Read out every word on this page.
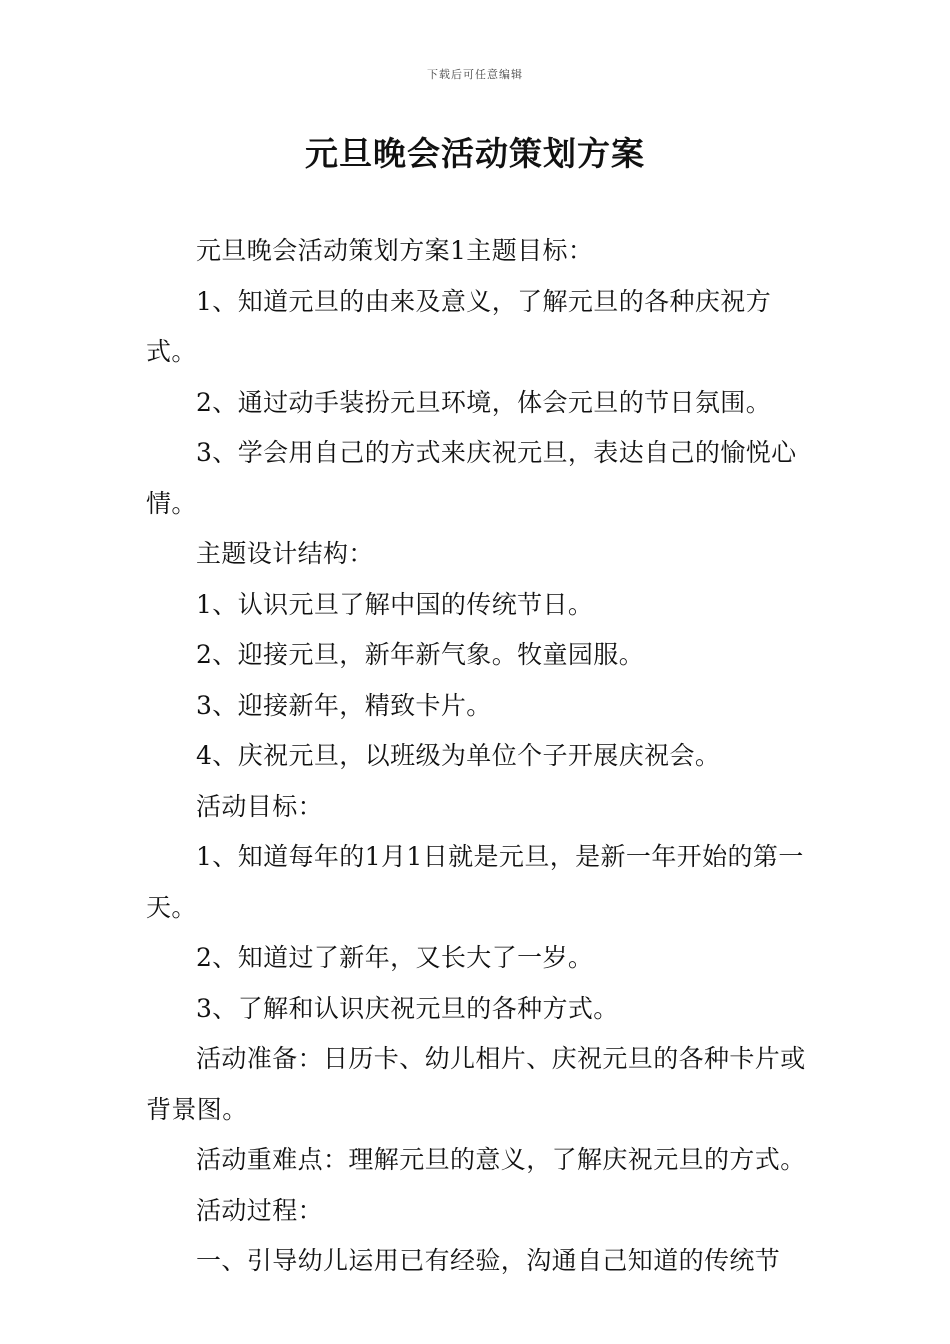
下载后可任意编辑
元旦晚会活动策划方案

元旦晚会活动策划方案1主题目标：

1、知道元旦的由来及意义，了解元旦的各种庆祝方式。

2、通过动手装扮元旦环境，体会元旦的节日氛围。

3、学会用自己的方式来庆祝元旦，表达自己的愉悦心情。

主题设计结构：

1、认识元旦了解中国的传统节日。

2、迎接元旦，新年新气象。牧童园服。

3、迎接新年，精致卡片。

4、庆祝元旦，以班级为单位个子开展庆祝会。

活动目标：

1、知道每年的1月1日就是元旦，是新一年开始的第一天。

2、知道过了新年，又长大了一岁。

3、了解和认识庆祝元旦的各种方式。

活动准备：日历卡、幼儿相片、庆祝元旦的各种卡片或背景图。

活动重难点：理解元旦的意义，了解庆祝元旦的方式。

活动过程：

一、引导幼儿运用已有经验，沟通自己知道的传统节
